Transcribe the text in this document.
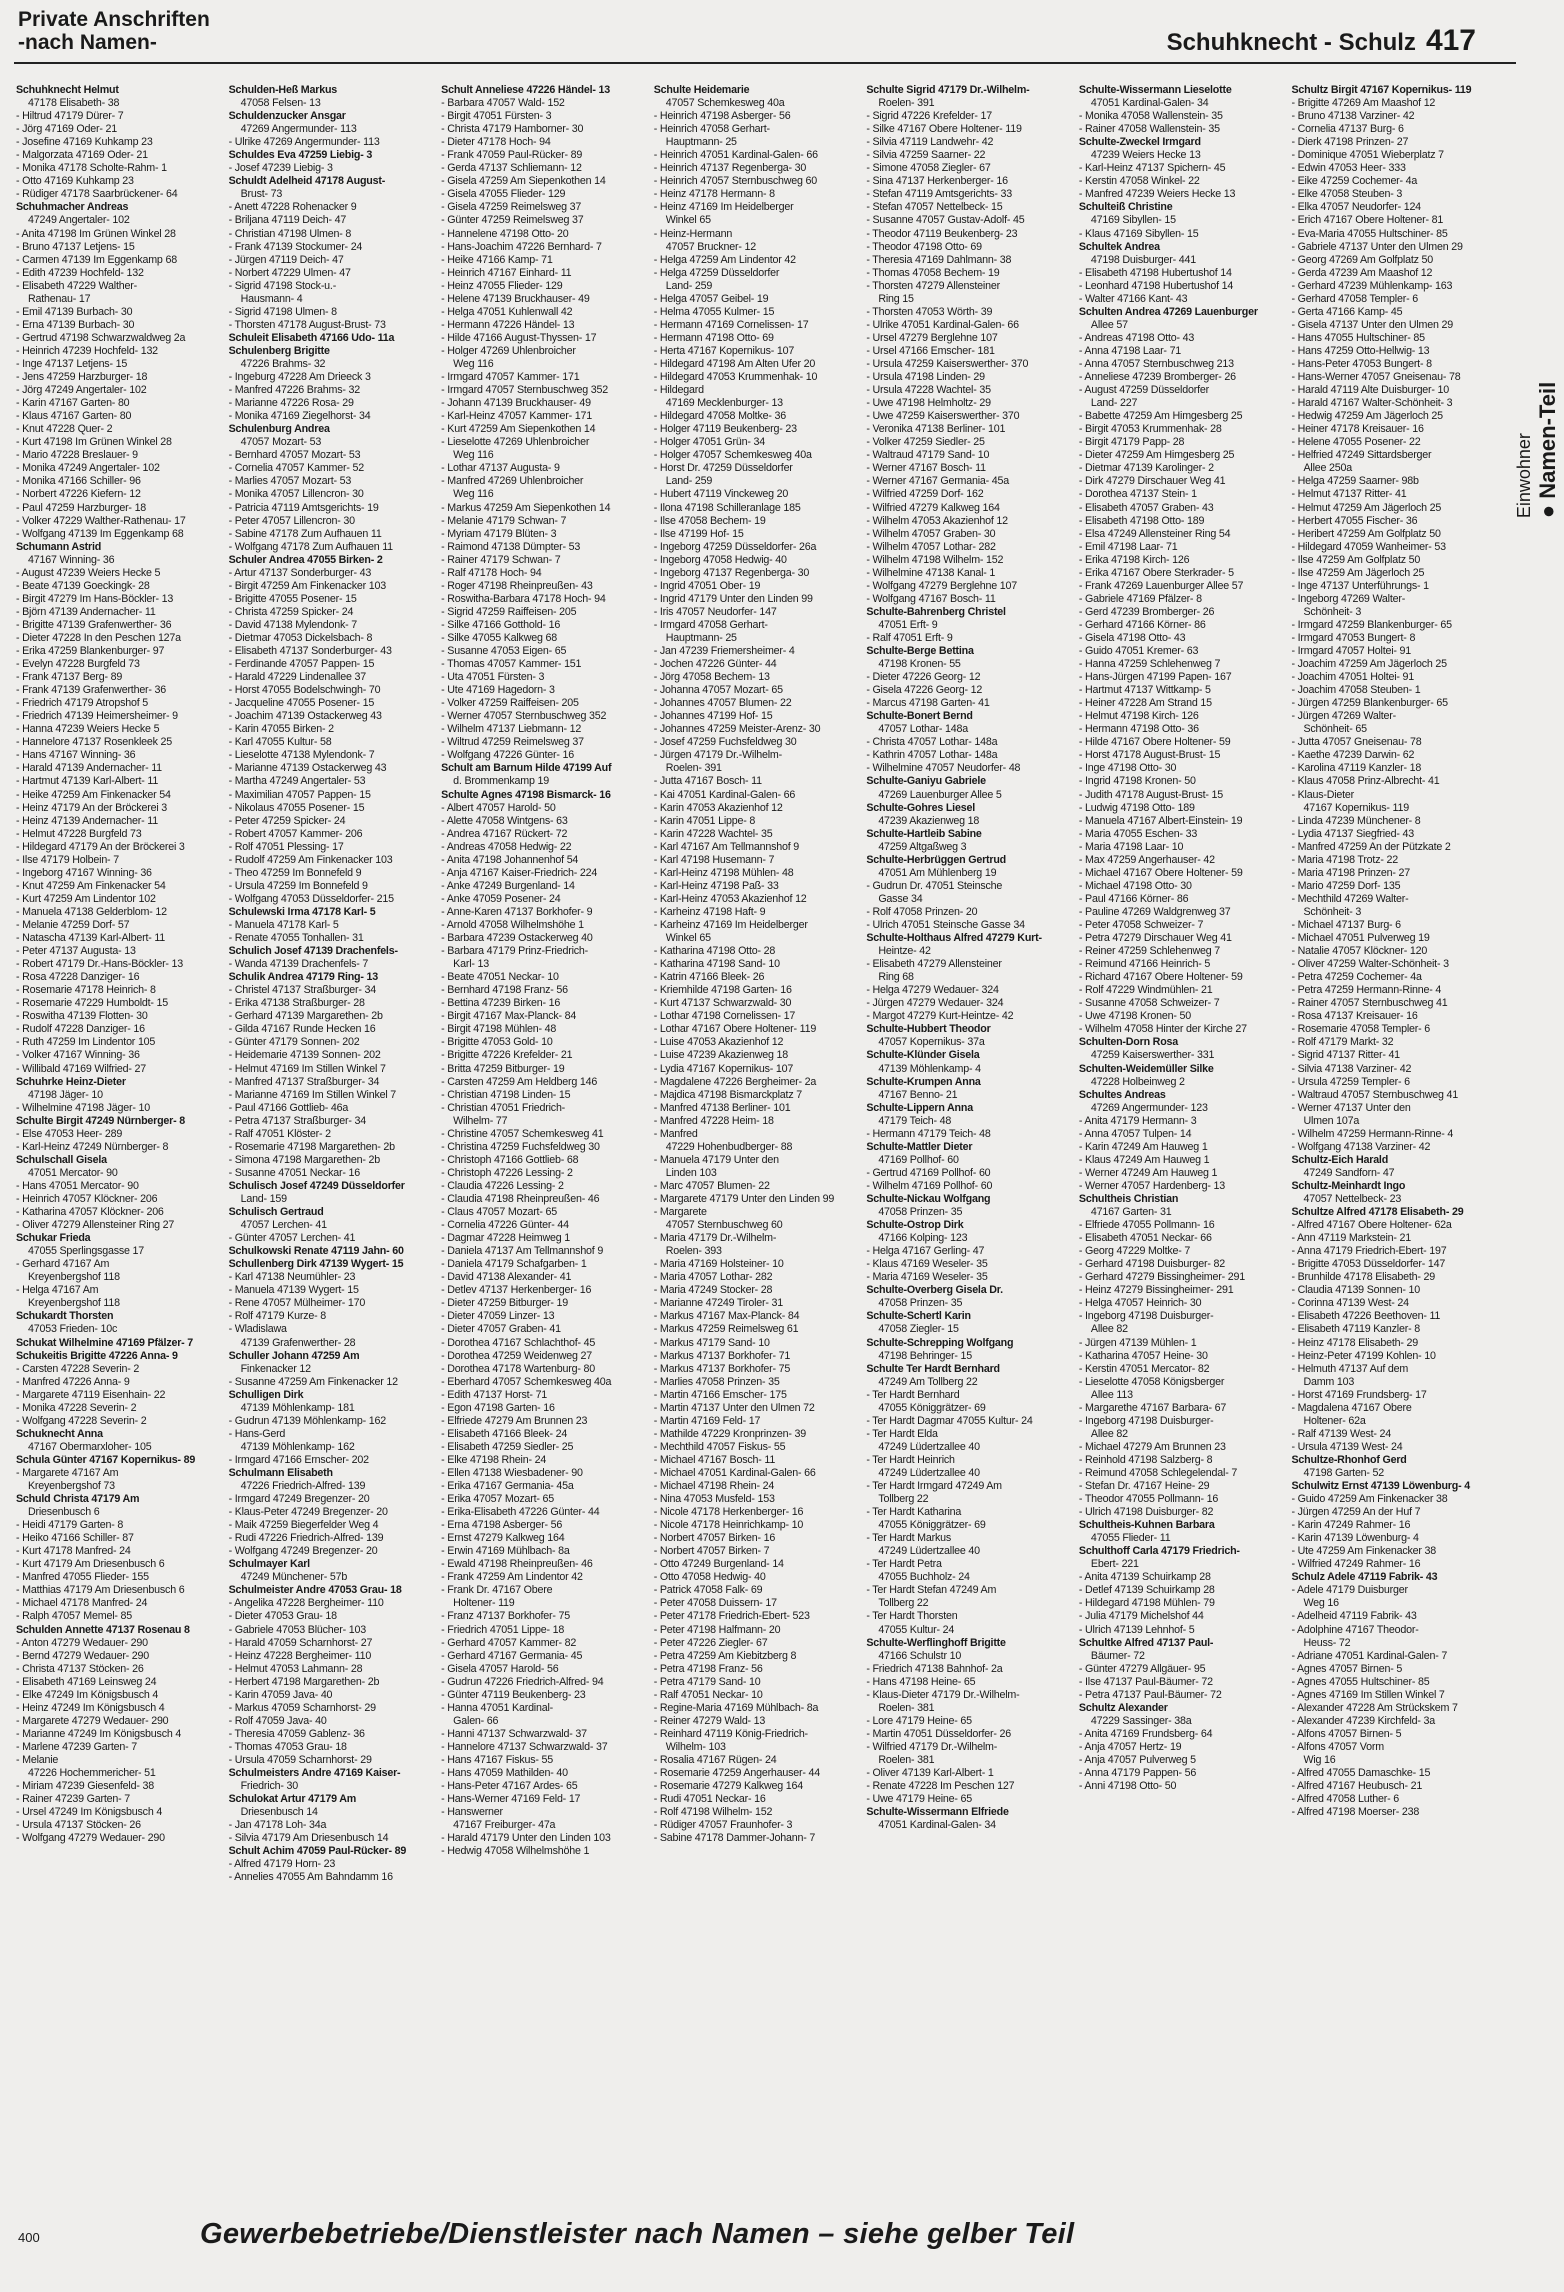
Private Anschriften
-nach Namen-	Schuhknecht - Schulz 417
Einwohner ● Namen-Teil
Schuhknecht Helmut
47178 Elisabeth- 38
- Hiltrud 47179 Dürer- 7
- Jörg 47169 Oder- 21
- Josefine 47169 Kuhkamp 23
- Malgorzata 47169 Oder- 21
- Monika 47178 Scholte-Rahm- 1
- Otto 47169 Kuhkamp 23
- Rüdiger 47178 Saarbrückener- 64
Schuhmacher Andreas
47249 Angertaler- 102
- Anita 47198 Im Grünen Winkel 28
- Bruno 47137 Letjens- 15
- Carmen 47139 Im Eggenkamp 68
- Edith 47239 Hochfeld- 132
- Elisabeth 47229 Walther-
Rathenau- 17
- Emil 47139 Burbach- 30
- Erna 47139 Burbach- 30
- Gertrud 47198 Schwarzwaldweg 2a
- Heinrich 47239 Hochfeld- 132
- Inge 47137 Letjens- 15
- Jens 47259 Harzburger- 18
- Jörg 47249 Angertaler- 102
- Karin 47167 Garten- 80
- Klaus 47167 Garten- 80
- Knut 47228 Quer- 2
- Kurt 47198 Im Grünen Winkel 28
- Mario 47228 Breslauer- 9
- Monika 47249 Angertaler- 102
- Monika 47166 Schiller- 96
- Norbert 47226 Kiefern- 12
- Paul 47259 Harzburger- 18
- Volker 47229 Walther-Rathenau- 17
- Wolfgang 47139 Im Eggenkamp 68
Schumann Astrid
47167 Winning- 36
- August 47239 Weiers Hecke 5
- Beate 47139 Goeckingk- 28
- Birgit 47279 Im Hans-Böckler- 13
- Björn 47139 Andernacher- 11
- Brigitte 47139 Grafenwerther- 36
- Dieter 47228 In den Peschen 127a
- Erika 47259 Blankenburger- 97
- Evelyn 47228 Burgfeld 73
- Frank 47137 Berg- 89
- Frank 47139 Grafenwerther- 36
- Friedrich 47179 Atropshof 5
- Friedrich 47139 Heimersheimer- 9
- Hanna 47239 Weiers Hecke 5
- Hannelore 47137 Rosenkleek 25
- Hans 47167 Winning- 36
- Harald 47139 Andernacher- 11
- Hartmut 47139 Karl-Albert- 11
- Heike 47259 Am Finkenacker 54
- Heinz 47179 An der Bröckerei 3
- Heinz 47139 Andernacher- 11
- Helmut 47228 Burgfeld 73
- Hildegard 47179 An der Bröckerei 3
- Ilse 47179 Holbein- 7
- Ingeborg 47167 Winning- 36
- Knut 47259 Am Finkenacker 54
- Kurt 47259 Am Lindentor 102
- Manuela 47138 Gelderblom- 12
- Melanie 47259 Dorf- 57
- Natascha 47139 Karl-Albert- 11
- Peter 47137 Augusta- 13
- Robert 47179 Dr.-Hans-Böckler- 13
- Rosa 47228 Danziger- 16
- Rosemarie 47178 Heinrich- 8
- Rosemarie 47229 Humboldt- 15
- Roswitha 47139 Flotten- 30
- Rudolf 47228 Danziger- 16
- Ruth 47259 Im Lindentor 105
- Volker 47167 Winning- 36
- Willibald 47169 Wilfried- 27
Schuhrke Heinz-Dieter
47198 Jäger- 10
- Wilhelmine 47198 Jäger- 10
Schulte Birgit 47249 Nürnberger- 8
- Else 47053 Heer- 289
- Karl-Heinz 47249 Nürnberger- 8
Schulschall Gisela
47051 Mercator- 90
- Hans 47051 Mercator- 90
- Heinrich 47057 Klöckner- 206
- Katharina 47057 Klöckner- 206
- Oliver 47279 Allensteiner Ring 27
Schukar Frieda
47055 Sperlingsgasse 17
- Gerhard 47167 Am
Kreyenbergshof 118
- Helga 47167 Am
Kreyenbergshof 118
Schukardt Thorsten
47053 Frieden- 10c
Schukat Wilhelmine 47169 Pfälzer- 7
Schukeitis Brigitte 47226 Anna- 9
- Carsten 47228 Severin- 2
- Manfred 47226 Anna- 9
- Margarete 47119 Eisenhain- 22
- Monika 47228 Severin- 2
- Wolfgang 47228 Severin- 2
Schuknecht Anna
47167 Obermarxloher- 105
Schula Günter 47167 Kopernikus- 89
- Margarete 47167 Am
Kreyenbergshof 73
Schuld Christa 47179 Am
Driesenbusch 6
- Heidi 47179 Garten- 8
- Heiko 47166 Schiller- 87
- Kurt 47178 Manfred- 24
- Kurt 47179 Am Driesenbusch 6
- Manfred 47055 Flieder- 155
- Matthias 47179 Am Driesenbusch 6
- Michael 47178 Manfred- 24
- Ralph 47057 Memel- 85
Schulden Annette 47137 Rosenau 8
- Anton 47279 Wedauer- 290
- Bernd 47279 Wedauer- 290
- Christa 47137 Stöcken- 26
- Elisabeth 47169 Leinsweg 24
- Elke 47249 Im Königsbusch 4
- Heinz 47249 Im Königsbusch 4
- Margarete 47279 Wedauer- 290
- Marianne 47249 Im Königsbusch 4
- Marlene 47239 Garten- 7
- Melanie
47226 Hochemmericher- 51
- Miriam 47239 Giesenfeld- 38
- Rainer 47239 Garten- 7
- Ursel 47249 Im Königsbusch 4
- Ursula 47137 Stöcken- 26
- Wolfgang 47279 Wedauer- 290
Schulden-Heß Markus
47058 Felsen- 13
Schuldenzucker Ansgar
47269 Angermunder- 113
- Ulrike 47269 Angermunder- 113
Schuldes Eva 47259 Liebig- 3
- Josef 47239 Liebig- 3
Schuldt Adelheid 47178 August-
Brust- 73
- Anett 47228 Rohenacker 9
- Briljana 47119 Deich- 47
- Christian 47198 Ulmen- 8
- Frank 47139 Stockumer- 24
- Jürgen 47119 Deich- 47
- Norbert 47229 Ulmen- 47
- Sigrid 47198 Stock-u.-
Hausmann- 4
- Sigrid 47198 Ulmen- 8
- Thorsten 47178 August-Brust- 73
Schuleit Elisabeth 47166 Udo- 11a
Schulenberg Brigitte
47226 Brahms- 32
- Ingeburg 47228 Am Drieeck 3
- Manfred 47226 Brahms- 32
- Marianne 47226 Rosa- 29
- Monika 47169 Ziegelhorst- 34
Schulenburg Andrea
47057 Mozart- 53
- Bernhard 47057 Mozart- 53
- Cornelia 47057 Kammer- 52
- Marlies 47057 Mozart- 53
- Monika 47057 Lillencron- 30
- Patricia 47119 Amtsgerichts- 19
- Peter 47057 Lillencron- 30
- Sabine 47178 Zum Aufhauen 11
- Wolfgang 47178 Zum Aufhauen 11
Schuler Andrea 47055 Birken- 2
- Artur 47137 Sonderburger- 43
- Birgit 47259 Am Finkenacker 103
- Brigitte 47055 Posener- 15
- Christa 47259 Spicker- 24
- David 47138 Mylendonk- 7
- Dietmar 47053 Dickelsbach- 8
- Elisabeth 47137 Sonderburger- 43
- Ferdinande 47057 Pappen- 15
- Harald 47229 Lindenallee 37
- Horst 47055 Bodelschwingh- 70
- Jacqueline 47055 Posener- 15
- Joachim 47139 Ostackerweg 43
- Karin 47055 Birken- 2
- Karl 47055 Kultur- 58
- Lieselotte 47138 Mylendonk- 7
- Marianne 47139 Ostackerweg 43
- Martha 47249 Angertaler- 53
- Maximilian 47057 Pappen- 15
- Nikolaus 47055 Posener- 15
- Peter 47259 Spicker- 24
- Robert 47057 Kammer- 206
- Rolf 47051 Plessing- 17
- Rudolf 47259 Am Finkenacker 103
- Theo 47259 Im Bonnefeld 9
- Ursula 47259 Im Bonnefeld 9
- Wolfgang 47053 Düsseldorfer- 215
Schulewski Irma 47178 Karl- 5
- Manuela 47178 Karl- 5
- Renate 47055 Tonhallen- 31
Schulich Josef 47139 Drachenfels-
- Wanda 47139 Drachenfels- 7
Schulik Andrea 47179 Ring- 13
- Christel 47137 Straßburger- 34
- Erika 47138 Straßburger- 28
- Gerhard 47139 Margarethen- 2b
- Gilda 47167 Runde Hecken 16
- Günter 47179 Sonnen- 202
- Heidemarie 47139 Sonnen- 202
- Helmut 47169 Im Stillen Winkel 7
- Manfred 47137 Straßburger- 34
- Marianne 47169 Im Stillen Winkel 7
- Paul 47166 Gottlieb- 46a
- Petra 47137 Straßburger- 34
- Ralf 47051 Klöster- 2
- Rosemarie 47198 Margarethen- 2b
- Simona 47198 Margarethen- 2b
- Susanne 47051 Neckar- 16
Schulisch Josef 47249 Düsseldorfer
Land- 159
Schulisch Gertraud
47057 Lerchen- 41
- Günter 47057 Lerchen- 41
Schulkowski Renate 47119 Jahn- 60
Schullenberg Dirk 47139 Wygert- 15
- Karl 47138 Neumühler- 23
- Manuela 47139 Wygert- 15
- Rene 47057 Mülheimer- 170
- Rolf 47179 Kurze- 8
- Wladislawa
47139 Grafenwerther- 28
Schuller Johann 47259 Am
Finkenacker 12
- Susanne 47259 Am Finkenacker 12
Schulligen Dirk
47139 Möhlenkamp- 181
- Gudrun 47139 Möhlenkamp- 162
- Hans-Gerd
47139 Möhlenkamp- 162
- Irmgard 47166 Ernscher- 202
Schulmann Elisabeth
47226 Friedrich-Alfred- 139
- Irmgard 47249 Bregenzer- 20
- Klaus-Peter 47249 Bregenzer- 20
- Maik 47259 Biegerfelder Weg 4
- Rudi 47226 Friedrich-Alfred- 139
- Wolfgang 47249 Bregenzer- 20
Schulmayer Karl
47249 Münchener- 57b
Schulmeister Andre 47053 Grau- 18
- Angelika 47228 Bergheimer- 110
- Dieter 47053 Grau- 18
- Gabriele 47053 Blücher- 103
- Harald 47059 Scharnhorst- 27
- Heinz 47228 Bergheimer- 110
- Helmut 47053 Lahmann- 28
- Herbert 47198 Margarethen- 2b
- Karin 47059 Java- 40
- Markus 47059 Scharnhorst- 29
- Rolf 47059 Java- 40
- Theresia 47059 Gablenz- 36
- Thomas 47053 Grau- 18
- Ursula 47059 Scharnhorst- 29
Schulmeisters Andre 47169 Kaiser-
Friedrich- 30
Schulokat Artur 47179 Am
Driesenbusch 14
- Jan 47178 Loh- 34a
- Silvia 47179 Am Driesenbusch 14
Schult Achim 47059 Paul-Rücker- 89
- Alfred 47179 Horn- 23
- Annelies 47055 Am Bahndamm 16
Schult Anneliese 47226 Händel- 13
- Barbara 47057 Wald- 152
- Birgit 47051 Fürsten- 3
- Christa 47179 Hamborner- 30
- Dieter 47178 Hoch- 94
- Frank 47059 Paul-Rücker- 89
- Gerda 47137 Schliemann- 12
- Gisela 47259 Am Siepenkothen 14
- Gisela 47055 Flieder- 129
- Gisela 47259 Reimelsweg 37
- Günter 47259 Reimelsweg 37
- Hannelene 47198 Otto- 20
- Hans-Joachim 47226 Bernhard- 7
- Heike 47166 Kamp- 71
- Heinrich 47167 Einhard- 11
- Heinz 47055 Flieder- 129
- Helene 47139 Bruckhauser- 49
- Helga 47051 Kuhlenwall 42
- Hermann 47226 Händel- 13
- Hilde 47166 August-Thyssen- 17
- Holger 47269 Uhlenbroicher
Weg 116
- Irmgard 47057 Kammer- 171
- Irmgard 47057 Sternbuschweg 352
- Johann 47139 Bruckhauser- 49
- Karl-Heinz 47057 Kammer- 171
- Kurt 47259 Am Siepenkothen 14
- Lieselotte 47269 Uhlenbroicher
Weg 116
- Lothar 47137 Augusta- 9
- Manfred 47269 Uhlenbroicher
Weg 116
- Markus 47259 Am Siepenkothen 14
- Melanie 47179 Schwan- 7
- Myriam 47179 Blüten- 3
- Raimond 47138 Dümpter- 53
- Rainer 47179 Schwan- 7
- Ralf 47178 Hoch- 94
- Roger 47198 Rheinpreußen- 43
- Roswitha-Barbara 47178 Hoch- 94
- Sigrid 47259 Raiffeisen- 205
- Silke 47166 Gotthold- 16
- Silke 47055 Kalkweg 68
- Susanne 47053 Eigen- 65
- Thomas 47057 Kammer- 151
- Uta 47051 Fürsten- 3
- Ute 47169 Hagedorn- 3
- Volker 47259 Raiffeisen- 205
- Werner 47057 Sternbuschweg 352
- Wilhelm 47137 Liebmann- 12
- Wiltrud 47259 Reimelsweg 37
- Wolfgang 47226 Günter- 16
Schult am Barnum Hilde 47199 Auf
d. Brommenkamp 19
Schulte Agnes 47198 Bismarck- 16
- Albert 47057 Harold- 50
- Alette 47058 Wintgens- 63
- Andrea 47167 Rückert- 72
- Andreas 47058 Hedwig- 22
- Anita 47198 Johannenhof 54
- Anja 47167 Kaiser-Friedrich- 224
- Anke 47249 Burgenland- 14
- Anke 47059 Posener- 24
- Anne-Karen 47137 Borkhofer- 9
- Arnold 47058 Wilhelmshöhe 1
- Barbara 47239 Ostackerweg 40
- Barbara 47179 Prinz-Friedrich-
Karl- 13
- Beate 47051 Neckar- 10
- Bernhard 47198 Franz- 56
- Bettina 47239 Birken- 16
- Birgit 47167 Max-Planck- 84
- Birgit 47198 Mühlen- 48
- Brigitte 47053 Gold- 10
- Brigitte 47226 Krefelder- 21
- Britta 47259 Bitburger- 19
- Carsten 47259 Am Heldberg 146
- Christian 47198 Linden- 15
- Christian 47051 Friedrich-
Wilhelm- 77
- Christine 47057 Schemkesweg 41
- Christina 47259 Fuchsfeldweg 30
- Christoph 47166 Gottlieb- 68
- Christoph 47226 Lessing- 2
- Claudia 47226 Lessing- 2
- Claudia 47198 Rheinpreußen- 46
- Claus 47057 Mozart- 65
- Cornelia 47226 Günter- 44
- Dagmar 47228 Heimweg 1
- Daniela 47137 Am Tellmannshof 9
- Daniela 47179 Schafgarben- 1
- David 47138 Alexander- 41
- Detlev 47137 Herkenberger- 16
- Dieter 47259 Bitburger- 19
- Dieter 47059 Linzer- 13
- Dieter 47057 Graben- 41
- Dorothea 47167 Schlachthof- 45
- Dorothea 47259 Weidenweg 27
- Dorothea 47178 Wartenburg- 80
- Eberhard 47057 Schemkesweg 40a
- Edith 47137 Horst- 71
- Egon 47198 Garten- 16
- Elfriede 47279 Am Brunnen 23
- Elisabeth 47166 Bleek- 24
- Elisabeth 47259 Siedler- 25
- Elke 47198 Rhein- 24
- Ellen 47138 Wiesbadener- 90
- Erika 47167 Germania- 45a
- Erika 47057 Mozart- 65
- Erika-Elisabeth 47226 Günter- 44
- Erna 47198 Asberger- 56
- Ernst 47279 Kalkweg 164
- Erwin 47169 Mühlbach- 8a
- Ewald 47198 Rheinpreußen- 46
- Frank 47259 Am Lindentor 42
- Frank Dr. 47167 Obere
Holtener- 119
- Franz 47137 Borkhofer- 75
- Friedrich 47051 Lippe- 18
- Gerhard 47057 Kammer- 82
- Gerhard 47167 Germania- 45
- Gisela 47057 Harold- 56
- Gudrun 47226 Friedrich-Alfred- 94
- Günter 47119 Beukenberg- 23
- Hanna 47051 Kardinal-
Galen- 66
- Hanni 47137 Schwarzwald- 37
- Hannelore 47137 Schwarzwald- 37
- Hans 47167 Fiskus- 55
- Hans 47059 Mathilden- 40
- Hans-Peter 47167 Ardes- 65
- Hans-Werner 47169 Feld- 17
- Hanswerner
47167 Freiburger- 47a
- Harald 47179 Unter den Linden 103
- Hedwig 47058 Wilhelmshöhe 1
Schulte Heidemarie
47057 Schemkesweg 40a
- Heinrich 47198 Asberger- 56
- Heinrich 47058 Gerhart-
Hauptmann- 25
- Heinrich 47051 Kardinal-Galen- 66
- Heinrich 47137 Regenberga- 30
- Heinrich 47057 Sternbuschweg 60
- Heinz 47178 Hermann- 8
- Heinz 47169 Im Heidelberger
Winkel 65
- Heinz-Hermann
47057 Bruckner- 12
- Helga 47259 Am Lindentor 42
- Helga 47259 Düsseldorfer
Land- 259
- Helga 47057 Geibel- 19
- Helma 47055 Kulmer- 15
- Hermann 47169 Cornelissen- 17
- Hermann 47198 Otto- 69
- Herta 47167 Kopernikus- 107
- Hildegard 47198 Am Alten Ufer 20
- Hildegard 47053 Krummenhak- 10
- Hildegard
47169 Mecklenburger- 13
- Hildegard 47058 Moltke- 36
- Holger 47119 Beukenberg- 23
- Holger 47051 Grün- 34
- Holger 47057 Schemkesweg 40a
- Horst Dr. 47259 Düsseldorfer
Land- 259
- Hubert 47119 Vinckeweg 20
- Ilona 47198 Schilleranlage 185
- Ilse 47058 Bechem- 19
- Ilse 47199 Hof- 15
- Ingeborg 47259 Düsseldorfer- 26a
- Ingeborg 47058 Hedwig- 40
- Ingeborg 47137 Regenberga- 30
- Ingrid 47051 Ober- 19
- Ingrid 47179 Unter den Linden 99
- Iris 47057 Neudorfer- 147
- Irmgard 47058 Gerhart-
Hauptmann- 25
- Jan 47239 Friemersheimer- 4
- Jochen 47226 Günter- 44
- Jörg 47058 Bechem- 13
- Johanna 47057 Mozart- 65
- Johannes 47057 Blumen- 22
- Johannes 47199 Hof- 15
- Johannes 47259 Meister-Arenz- 30
- Josef 47259 Fuchsfeldweg 30
- Jürgen 47179 Dr.-Wilhelm-
Roelen- 391
- Jutta 47167 Bosch- 11
- Kai 47051 Kardinal-Galen- 66
- Karin 47053 Akazienhof 12
- Karin 47051 Lippe- 8
- Karin 47228 Wachtel- 35
- Karl 47167 Am Tellmannshof 9
- Karl 47198 Husemann- 7
- Karl-Heinz 47198 Mühlen- 48
- Karl-Heinz 47198 Paß- 33
- Karl-Heinz 47053 Akazienhof 12
- Karheinz 47198 Haft- 9
- Karheinz 47169 Im Heidelberger
Winkel 65
- Katharina 47198 Otto- 28
- Katharina 47198 Sand- 10
- Katrin 47166 Bleek- 26
- Kriemhilde 47198 Garten- 16
- Kurt 47137 Schwarzwald- 30
- Lothar 47198 Cornelissen- 17
- Lothar 47167 Obere Holtener- 119
- Luise 47053 Akazienhof 12
- Luise 47239 Akazienweg 18
- Lydia 47167 Kopernikus- 107
- Magdalene 47226 Bergheimer- 2a
- Majdica 47198 Bismarckplatz 7
- Manfred 47138 Berliner- 101
- Manfred 47228 Heim- 18
- Manfred
47229 Hohenbudberger- 88
- Manuela 47179 Unter den
Linden 103
- Marc 47057 Blumen- 22
- Margarete 47179 Unter den Linden 99
- Margarete
47057 Sternbuschweg 60
- Maria 47179 Dr.-Wilhelm-
Roelen- 393
- Maria 47169 Holsteiner- 10
- Maria 47057 Lothar- 282
- Maria 47249 Stocker- 28
- Marianne 47249 Tiroler- 31
- Markus 47167 Max-Planck- 84
- Markus 47259 Reimelsweg 61
- Markus 47179 Sand- 10
- Markus 47137 Borkhofer- 71
- Markus 47137 Borkhofer- 75
- Marlies 47058 Prinzen- 35
- Martin 47166 Emscher- 175
- Martin 47137 Unter den Ulmen 72
- Martin 47169 Feld- 17
- Mathilde 47229 Kronprinzen- 39
- Mechthild 47057 Fiskus- 55
- Michael 47167 Bosch- 11
- Michael 47051 Kardinal-Galen- 66
- Michael 47198 Rhein- 24
- Nina 47053 Musfeld- 153
- Nicole 47178 Herkenberger- 16
- Nicole 47178 Heinrichkamp- 10
- Norbert 47057 Birken- 16
- Norbert 47057 Birken- 7
- Otto 47249 Burgenland- 14
- Otto 47058 Hedwig- 40
- Patrick 47058 Falk- 69
- Peter 47058 Duissern- 17
- Peter 47178 Friedrich-Ebert- 523
- Peter 47198 Halfmann- 20
- Peter 47226 Ziegler- 67
- Petra 47259 Am Kiebitzberg 8
- Petra 47198 Franz- 56
- Petra 47179 Sand- 10
- Ralf 47051 Neckar- 10
- Regine-Maria 47169 Mühlbach- 8a
- Reiner 47279 Wald- 13
- Reinhard 47119 König-Friedrich-
Wilhelm- 103
- Rosalia 47167 Rügen- 24
- Rosemarie 47259 Angerhauser- 44
- Rosemarie 47279 Kalkweg 164
- Rudi 47051 Neckar- 16
- Rolf 47198 Wilhelm- 152
- Rüdiger 47057 Fraunhofer- 3
- Sabine 47178 Dammer-Johann- 7
Schulte Sigrid 47179 Dr.-Wilhelm-
Roelen- 391
- Sigrid 47226 Krefelder- 17
- Silke 47167 Obere Holtener- 119
- Silvia 47119 Landwehr- 42
- Silvia 47259 Saarner- 22
- Simone 47058 Ziegler- 67
- Sina 47137 Herkenberger- 16
- Stefan 47119 Amtsgerichts- 33
- Stefan 47057 Nettelbeck- 15
- Susanne 47057 Gustav-Adolf- 45
- Theodor 47119 Beukenberg- 23
- Theodor 47198 Otto- 69
- Theresia 47169 Dahlmann- 38
- Thomas 47058 Bechem- 19
- Thorsten 47279 Allensteiner
Ring 15
- Thorsten 47053 Wörth- 39
- Ulrike 47051 Kardinal-Galen- 66
- Ursel 47279 Berglehne 107
- Ursel 47166 Emscher- 181
- Ursula 47259 Kaiserswerther- 370
- Ursula 47198 Linden- 29
- Ursula 47228 Wachtel- 35
- Uwe 47198 Helmholtz- 29
- Uwe 47259 Kaiserswerther- 370
- Veronika 47138 Berliner- 101
- Volker 47259 Siedler- 25
- Waltraud 47179 Sand- 10
- Werner 47167 Bosch- 11
- Werner 47167 Germania- 45a
- Wilfried 47259 Dorf- 162
- Wilfried 47279 Kalkweg 164
- Wilhelm 47053 Akazienhof 12
- Wilhelm 47057 Graben- 30
- Wilhelm 47057 Lothar- 282
- Wilhelm 47198 Wilhelm- 152
- Wilhelmine 47138 Kanal- 1
- Wolfgang 47279 Berglehne 107
- Wolfgang 47167 Bosch- 11
Schulte-Bahrenberg Christel
47051 Erft- 9
- Ralf 47051 Erft- 9
Schulte-Berge Bettina
47198 Kronen- 55
- Dieter 47226 Georg- 12
- Gisela 47226 Georg- 12
- Marcus 47198 Garten- 41
Schulte-Bonert Bernd
47057 Lothar- 148a
- Christa 47057 Lothar- 148a
- Kathrin 47057 Lothar- 148a
- Wilhelmine 47057 Neudorfer- 48
Schulte-Ganiyu Gabriele
47269 Lauenburger Allee 5
Schulte-Gohres Liesel
47239 Akazienweg 18
Schulte-Hartleib Sabine
47259 Altgaßweg 3
Schulte-Herbrüggen Gertrud
47051 Am Mühlenberg 19
- Gudrun Dr. 47051 Steinsche
Gasse 34
- Rolf 47058 Prinzen- 20
- Ulrich 47051 Steinsche Gasse 34
Schulte-Holthaus Alfred 47279 Kurt-
Heintze- 42
- Elisabeth 47279 Allensteiner
Ring 68
- Helga 47279 Wedauer- 324
- Jürgen 47279 Wedauer- 324
- Margot 47279 Kurt-Heintze- 42
Schulte-Hubbert Theodor
47057 Kopernikus- 37a
Schulte-Klünder Gisela
47139 Möhlenkamp- 4
Schulte-Krumpen Anna
47167 Benno- 21
Schulte-Lippern Anna
47179 Teich- 48
- Hermann 47179 Teich- 48
Schulte-Mattler Dieter
47169 Pollhof- 60
- Gertrud 47169 Pollhof- 60
- Wilhelm 47169 Pollhof- 60
Schulte-Nickau Wolfgang
47058 Prinzen- 35
Schulte-Ostrop Dirk
47166 Kolping- 123
- Helga 47167 Gerling- 47
- Klaus 47169 Weseler- 35
- Maria 47169 Weseler- 35
Schulte-Overberg Gisela Dr.
47058 Prinzen- 35
Schulte-Schertl Karin
47058 Ziegler- 15
Schulte-Schrepping Wolfgang
47198 Behringer- 15
Schulte Ter Hardt Bernhard
47249 Am Tollberg 22
- Ter Hardt Bernhard
47055 Königgrätzer- 69
- Ter Hardt Dagmar 47055 Kultur- 24
- Ter Hardt Elda
47249 Lüdertzallee 40
- Ter Hardt Heinrich
47249 Lüdertzallee 40
- Ter Hardt Irmgard 47249 Am
Tollberg 22
- Ter Hardt Katharina
47055 Königgrätzer- 69
- Ter Hardt Markus
47249 Lüdertzallee 40
- Ter Hardt Petra
47055 Buchholz- 24
- Ter Hardt Stefan 47249 Am
Tollberg 22
- Ter Hardt Thorsten
47055 Kultur- 24
Schulte-Werflinghoff Brigitte
47166 Schulstr 10
- Friedrich 47138 Bahnhof- 2a
- Hans 47198 Heine- 65
- Klaus-Dieter 47179 Dr.-Wilhelm-
Roelen- 381
- Lore 47179 Heine- 65
- Martin 47051 Düsseldorfer- 26
- Wilfried 47179 Dr.-Wilhelm-
Roelen- 381
- Oliver 47139 Karl-Albert- 1
- Renate 47228 Im Peschen 127
- Uwe 47179 Heine- 65
Schulte-Wissermann Elfriede
47051 Kardinal-Galen- 34
Schulte-Wissermann Lieselotte
47051 Kardinal-Galen- 34
- Monika 47058 Wallenstein- 35
- Rainer 47058 Wallenstein- 35
Schulte-Zweckel Irmgard
47239 Weiers Hecke 13
- Karl-Heinz 47137 Spichern- 45
- Kerstin 47058 Winkel- 22
- Manfred 47239 Weiers Hecke 13
Schulteiß Christine
47169 Sibyllen- 15
- Klaus 47169 Sibyllen- 15
Schultek Andrea
47198 Duisburger- 441
- Elisabeth 47198 Hubertushof 14
- Leonhard 47198 Hubertushof 14
- Walter 47166 Kant- 43
Schulten Andrea 47269 Lauenburger
Allee 57
- Andreas 47198 Otto- 43
- Anna 47198 Laar- 71
- Anna 47057 Sternbuschweg 213
- Anneliese 47239 Bromberger- 26
- August 47259 Düsseldorfer
Land- 227
- Babette 47259 Am Himgesberg 25
- Birgit 47053 Krummenhak- 28
- Birgit 47179 Papp- 28
- Dieter 47259 Am Himgesberg 25
- Dietmar 47139 Karolinger- 2
- Dirk 47279 Dirschauer Weg 41
- Dorothea 47137 Stein- 1
- Elisabeth 47057 Graben- 43
- Elisabeth 47198 Otto- 189
- Elsa 47249 Allensteiner Ring 54
- Emil 47198 Laar- 71
- Erika 47198 Kirch- 126
- Erika 47167 Obere Sterkrader- 5
- Frank 47269 Lauenburger Allee 57
- Gabriele 47169 Pfälzer- 8
- Gerd 47239 Bromberger- 26
- Gerhard 47166 Körner- 86
- Gisela 47198 Otto- 43
- Guido 47051 Kremer- 63
- Hanna 47259 Schlehenweg 7
- Hans-Jürgen 47199 Papen- 167
- Hartmut 47137 Wittkamp- 5
- Heiner 47228 Am Strand 15
- Helmut 47198 Kirch- 126
- Hermann 47198 Otto- 36
- Hilde 47167 Obere Holtener- 59
- Horst 47178 August-Brust- 15
- Inge 47198 Otto- 30
- Ingrid 47198 Kronen- 50
- Judith 47178 August-Brust- 15
- Ludwig 47198 Otto- 189
- Manuela 47167 Albert-Einstein- 19
- Maria 47055 Eschen- 33
- Maria 47198 Laar- 10
- Max 47259 Angerhauser- 42
- Michael 47167 Obere Holtener- 59
- Michael 47198 Otto- 30
- Paul 47166 Körner- 86
- Pauline 47269 Waldgrenweg 37
- Peter 47058 Schweizer- 7
- Petra 47279 Dirschauer Weg 41
- Reiner 47259 Schlehenweg 7
- Reimund 47166 Heinrich- 5
- Richard 47167 Obere Holtener- 59
- Rolf 47229 Windmühlen- 21
- Susanne 47058 Schweizer- 7
- Uwe 47198 Kronen- 50
- Wilhelm 47058 Hinter der Kirche 27
Schulten-Dorn Rosa
47259 Kaiserswerther- 331
Schulten-Weidemüller Silke
47228 Holbeinweg 2
Schultes Andreas
47269 Angermunder- 123
- Anita 47179 Hermann- 3
- Anna 47057 Tulpen- 14
- Karin 47249 Am Hauweg 1
- Klaus 47249 Am Hauweg 1
- Werner 47249 Am Hauweg 1
- Werner 47057 Hardenberg- 13
Schultheis Christian
47167 Garten- 31
- Elfriede 47055 Pollmann- 16
- Elisabeth 47051 Neckar- 66
- Georg 47229 Moltke- 7
- Gerhard 47198 Duisburger- 82
- Gerhard 47279 Bissingheimer- 291
- Heinz 47279 Bissingheimer- 291
- Helga 47057 Heinrich- 30
- Ingeborg 47198 Duisburger-
Allee 82
- Jürgen 47139 Mühlen- 1
- Katharina 47057 Heine- 30
- Kerstin 47051 Mercator- 82
- Lieselotte 47058 Königsberger
Allee 113
- Margarethe 47167 Barbara- 67
- Ingeborg 47198 Duisburger-
Allee 82
- Michael 47279 Am Brunnen 23
- Reinhold 47198 Salzberg- 8
- Reimund 47058 Schlegelendal- 7
- Stefan Dr. 47167 Heine- 29
- Theodor 47055 Pollmann- 16
- Ulrich 47198 Duisburger- 82
Schultheis-Kuhnen Barbara
47055 Flieder- 11
Schulthoff Carla 47179 Friedrich-
Ebert- 221
- Anita 47139 Schuirkamp 28
- Detlef 47139 Schuirkamp 28
- Hildegard 47198 Mühlen- 79
- Julia 47179 Michelshof 44
- Ulrich 47139 Lehnhof- 5
Schultke Alfred 47137 Paul-
Bäumer- 72
- Günter 47279 Allgäuer- 95
- Ilse 47137 Paul-Bäumer- 72
- Petra 47137 Paul-Bäumer- 72
Schultz Alexander
47229 Sassinger- 38a
- Anita 47169 Frundsberg- 64
- Anja 47057 Hertz- 19
- Anja 47057 Pulverweg 5
- Anna 47179 Pappen- 56
- Anni 47198 Otto- 50
Schultz Birgit 47167 Kopernikus- 119
- Brigitte 47269 Am Maashof 12
- Bruno 47138 Varziner- 42
- Cornelia 47137 Burg- 6
- Dierk 47198 Prinzen- 27
- Dominique 47051 Wieberplatz 7
- Edwin 47053 Heer- 333
- Eike 47259 Cochemer- 4a
- Elke 47058 Steuben- 3
- Elka 47057 Neudorfer- 124
- Erich 47167 Obere Holtener- 81
- Eva-Maria 47055 Hultschiner- 85
- Gabriele 47137 Unter den Ulmen 29
- Georg 47269 Am Golfplatz 50
- Gerda 47239 Am Maashof 12
- Gerhard 47239 Mühlenkamp- 163
- Gerhard 47058 Templer- 6
- Gerta 47166 Kamp- 45
- Gisela 47137 Unter den Ulmen 29
- Hans 47055 Hultschiner- 85
- Hans 47259 Otto-Hellwig- 13
- Hans-Peter 47053 Bungert- 8
- Hans-Werner 47057 Gneisenau- 78
- Harald 47119 Alte Duisburger- 10
- Harald 47167 Walter-Schönheit- 3
- Hedwig 47259 Am Jägerloch 25
- Heiner 47178 Kreisauer- 16
- Helene 47055 Posener- 22
- Helfried 47249 Sittardsberger
Allee 250a
- Helga 47259 Saarner- 98b
- Helmut 47137 Ritter- 41
- Helmut 47259 Am Jägerloch 25
- Herbert 47055 Fischer- 36
- Heribert 47259 Am Golfplatz 50
- Hildegard 47059 Wanheimer- 53
- Ilse 47259 Am Golfplatz 50
- Ilse 47259 Am Jägerloch 25
- Inge 47137 Unterführungs- 1
- Ingeborg 47269 Walter-
Schönheit- 3
- Irmgard 47259 Blankenburger- 65
- Irmgard 47053 Bungert- 8
- Irmgard 47057 Holtei- 91
- Joachim 47259 Am Jägerloch 25
- Joachim 47051 Holtei- 91
- Joachim 47058 Steuben- 1
- Jürgen 47259 Blankenburger- 65
- Jürgen 47269 Walter-
Schönheit- 65
- Jutta 47057 Gneisenau- 78
- Kaethe 47239 Darwin- 62
- Karolina 47119 Kanzler- 18
- Klaus 47058 Prinz-Albrecht- 41
- Klaus-Dieter
47167 Kopernikus- 119
- Linda 47239 Münchener- 8
- Lydia 47137 Siegfried- 43
- Manfred 47259 An der Pützkate 2
- Maria 47198 Trotz- 22
- Maria 47198 Prinzen- 27
- Mario 47259 Dorf- 135
- Mechthild 47269 Walter-
Schönheit- 3
- Michael 47137 Burg- 6
- Michael 47051 Pulverweg 19
- Natalie 47057 Klöckner- 120
- Oliver 47259 Walter-Schönheit- 3
- Petra 47259 Cochemer- 4a
- Petra 47259 Hermann-Rinne- 4
- Rainer 47057 Sternbuschweg 41
- Rosa 47137 Kreisauer- 16
- Rosemarie 47058 Templer- 6
- Rolf 47179 Markt- 32
- Sigrid 47137 Ritter- 41
- Silvia 47138 Varziner- 42
- Ursula 47259 Templer- 6
- Waltraud 47057 Sternbuschweg 41
- Werner 47137 Unter den
Ulmen 107a
- Wilhelm 47259 Hermann-Rinne- 4
- Wolfgang 47138 Varziner- 42
Schultz-Eich Harald
47249 Sandforn- 47
Schultz-Meinhardt Ingo
47057 Nettelbeck- 23
Schultze Alfred 47178 Elisabeth- 29
- Alfred 47167 Obere Holtener- 62a
- Ann 47119 Markstein- 21
- Anna 47179 Friedrich-Ebert- 197
- Brigitte 47053 Düsseldorfer- 147
- Brunhilde 47178 Elisabeth- 29
- Claudia 47139 Sonnen- 10
- Corinna 47139 West- 24
- Elisabeth 47226 Beethoven- 11
- Elisabeth 47119 Kanzler- 8
- Heinz 47178 Elisabeth- 29
- Heinz-Peter 47199 Kohlen- 10
- Helmuth 47137 Auf dem
Damm 103
- Horst 47169 Frundsberg- 17
- Magdalena 47167 Obere
Holtener- 62a
- Ralf 47139 West- 24
- Ursula 47139 West- 24
Schultze-Rhonhof Gerd
47198 Garten- 52
Schulwitz Ernst 47139 Löwenburg- 4
- Guido 47259 Am Finkenacker 38
- Jürgen 47259 An der Huf 7
- Karin 47249 Rahmer- 16
- Karin 47139 Löwenburg- 4
- Ute 47259 Am Finkenacker 38
- Wilfried 47249 Rahmer- 16
Schulz Adele 47119 Fabrik- 43
- Adele 47179 Duisburger
Weg 16
- Adelheid 47119 Fabrik- 43
- Adolphine 47167 Theodor-
Heuss- 72
- Adriane 47051 Kardinal-Galen- 7
- Agnes 47057 Birnen- 5
- Agnes 47055 Hultschiner- 85
- Agnes 47169 Im Stillen Winkel 7
- Alexander 47228 Am Strückskem 7
- Alexander 47239 Kirchfeld- 3a
- Alfons 47057 Birnen- 5
- Alfons 47057 Vorm
Wig 16
- Alfred 47055 Damaschke- 15
- Alfred 47167 Heubusch- 21
- Alfred 47058 Luther- 6
- Alfred 47198 Moerser- 238
400	Gewerbebetriebe/Dienstleister nach Namen – siehe gelber Teil
